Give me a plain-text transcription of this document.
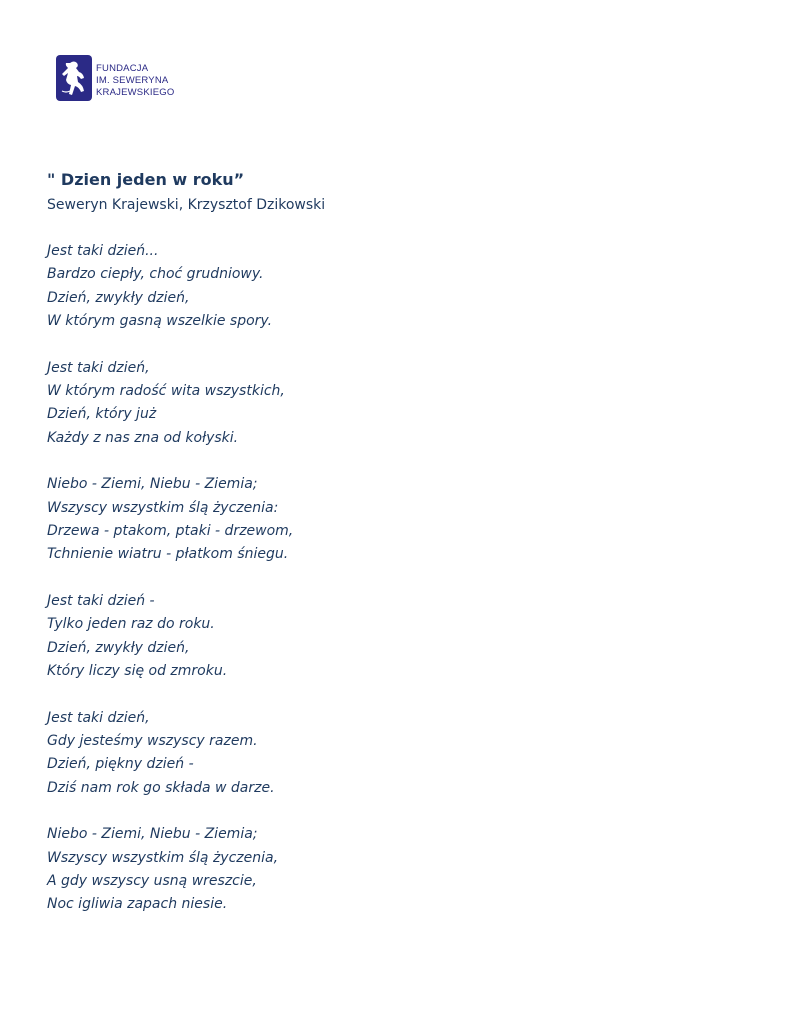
FUNDACJA
IM. SEWERYNA
KRAJEWSKIEGO
" Dzien jeden w roku”
Seweryn Krajewski, Krzysztof Dzikowski
Jest taki dzień...
Bardzo ciepły, choć grudniowy.
Dzień, zwykły dzień,
W którym gasną wszelkie spory.
Jest taki dzień,
W którym radość wita wszystkich,
Dzień, który już
Każdy z nas zna od kołyski.
Niebo - Ziemi, Niebu - Ziemia;
Wszyscy wszystkim ślą życzenia:
Drzewa - ptakom, ptaki - drzewom,
Tchnienie wiatru - płatkom śniegu.
Jest taki dzień -
Tylko jeden raz do roku.
Dzień, zwykły dzień,
Który liczy się od zmroku.
Jest taki dzień,
Gdy jesteśmy wszyscy razem.
Dzień, piękny dzień -
Dziś nam rok go składa w darze.
Niebo - Ziemi, Niebu - Ziemia;
Wszyscy wszystkim ślą życzenia,
A gdy wszyscy usną wreszcie,
Noc igliwia zapach niesie.
